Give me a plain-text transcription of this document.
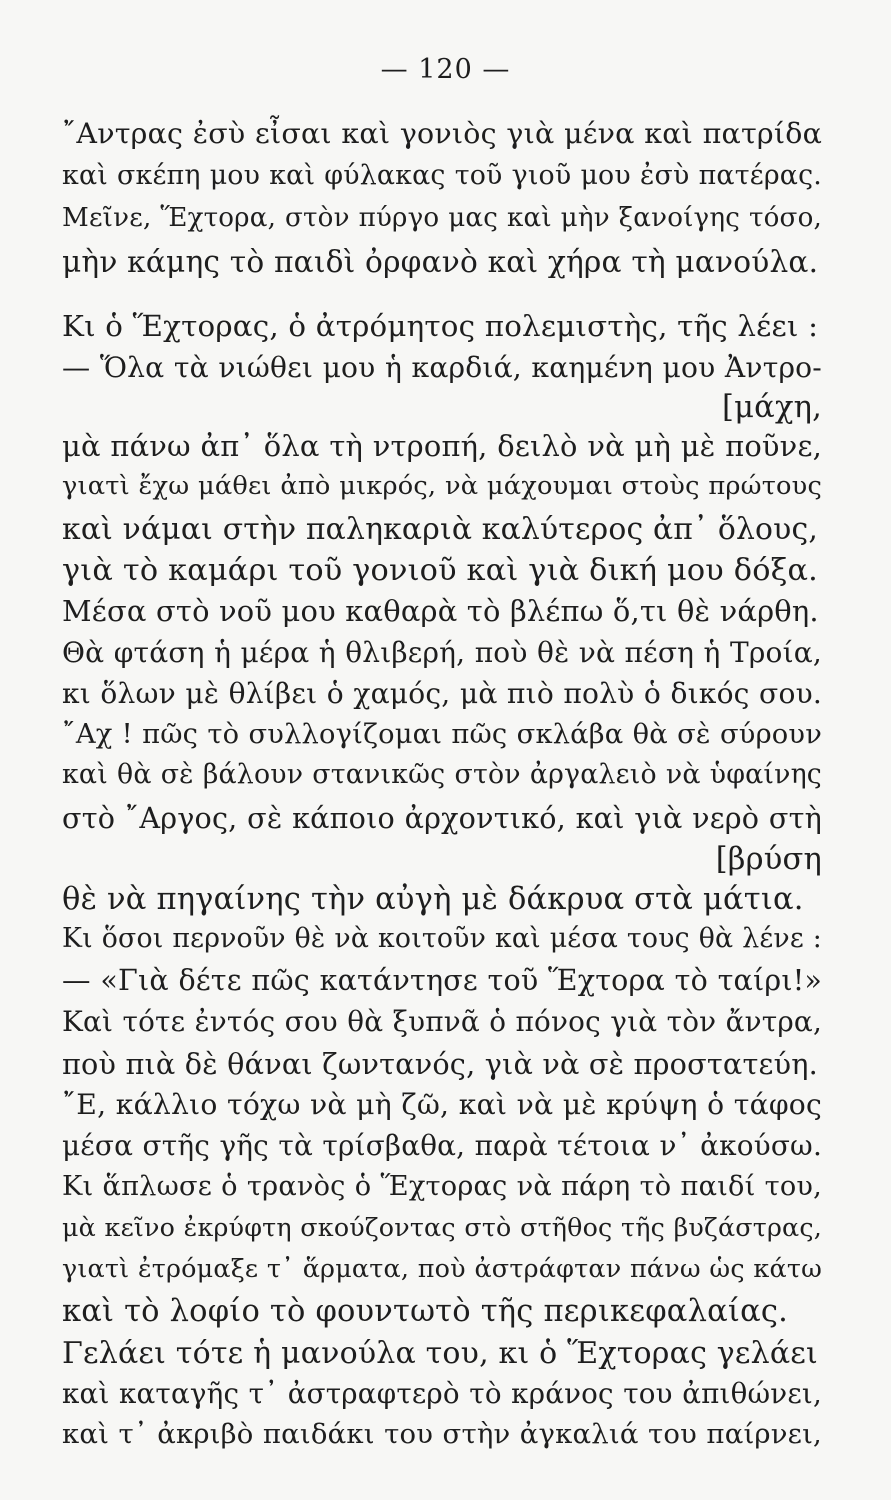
— 120 —
῎Αντρας ἐσὺ εἶσαι καὶ γονιὸς γιὰ μένα καὶ πατρίδα
καὶ σκέπη μου καὶ φύλακας τοῦ γιοῦ μου ἐσὺ πατέρας.
Μεῖνε, Ἕχτορα, στὸν πύργο μας καὶ μὴν ξανοίγης τόσο,
μὴν κάμης τὸ παιδὶ ὀρφανὸ καὶ χήρα τὴ μανούλα.
Κι ὁ Ἕχτορας, ὁ ἀτρόμητος πολεμιστὴς, τῆς λέει :
— Ὅλα τὰ νιώθει μου ἡ καρδιά, καημένη μου Ἀντρο-
[μάχη,
μὰ πάνω ἀπ᾽ ὅλα τὴ ντροπή, δειλὸ νὰ μὴ μὲ ποῦνε,
γιατὶ ἔχω μάθει ἀπὸ μικρός, νὰ μάχουμαι στοὺς πρώτους
καὶ νάμαι στὴν παληκαριὰ καλύτερος ἀπ᾽ ὅλους,
γιὰ τὸ καμάρι τοῦ γονιοῦ καὶ γιὰ δική μου δόξα.
Μέσα στὸ νοῦ μου καθαρὰ τὸ βλέπω ὅ,τι θὲ νάρθη.
Θὰ φτάση ἡ μέρα ἡ θλιβερή, ποὺ θὲ νὰ πέση ἡ Τροία,
κι ὅλων μὲ θλίβει ὁ χαμός, μὰ πιὸ πολὺ ὁ δικός σου.
῎Αχ ! πῶς τὸ συλλογίζομαι πῶς σκλάβα θὰ σὲ σύρουν
καὶ θὰ σὲ βάλουν στανικῶς στὸν ἀργαλειὸ νὰ ὑφαίνης
στὸ ῎Αργος, σὲ κάποιο ἀρχοντικό, καὶ γιὰ νερὸ στὴ
[βρύση
θὲ νὰ πηγαίνης τὴν αὐγὴ μὲ δάκρυα στὰ μάτια.
Κι ὅσοι περνοῦν θὲ νὰ κοιτοῦν καὶ μέσα τους θὰ λένε :
— «Γιὰ δέτε πῶς κατάντησε τοῦ Ἕχτορα τὸ ταίρι!»
Καὶ τότε ἐντός σου θὰ ξυπνᾶ ὁ πόνος γιὰ τὸν ἄντρα,
ποὺ πιὰ δὲ θάναι ζωντανός, γιὰ νὰ σὲ προστατεύη.
῎Ε, κάλλιο τόχω νὰ μὴ ζῶ, καὶ νὰ μὲ κρύψη ὁ τάφος
μέσα στῆς γῆς τὰ τρίσβαθα, παρὰ τέτοια ν᾽ ἀκούσω.
Κι ἅπλωσε ὁ τρανὸς ὁ Ἕχτορας νὰ πάρη τὸ παιδί του,
μὰ κεῖνο ἐκρύφτη σκούζοντας στὸ στῆθος τῆς βυζάστρας,
γιατὶ ἐτρόμαξε τ᾽ ἅρματα, ποὺ ἀστράφταν πάνω ὡς κάτω
καὶ τὸ λοφίο τὸ φουντωτὸ τῆς περικεφαλαίας.
Γελάει τότε ἡ μανούλα του, κι ὁ Ἕχτορας γελάει
καὶ καταγῆς τ᾽ ἀστραφτερὸ τὸ κράνος του ἀπιθώνει,
καὶ τ᾽ ἀκριβὸ παιδάκι του στὴν ἀγκαλιά του παίρνει,
